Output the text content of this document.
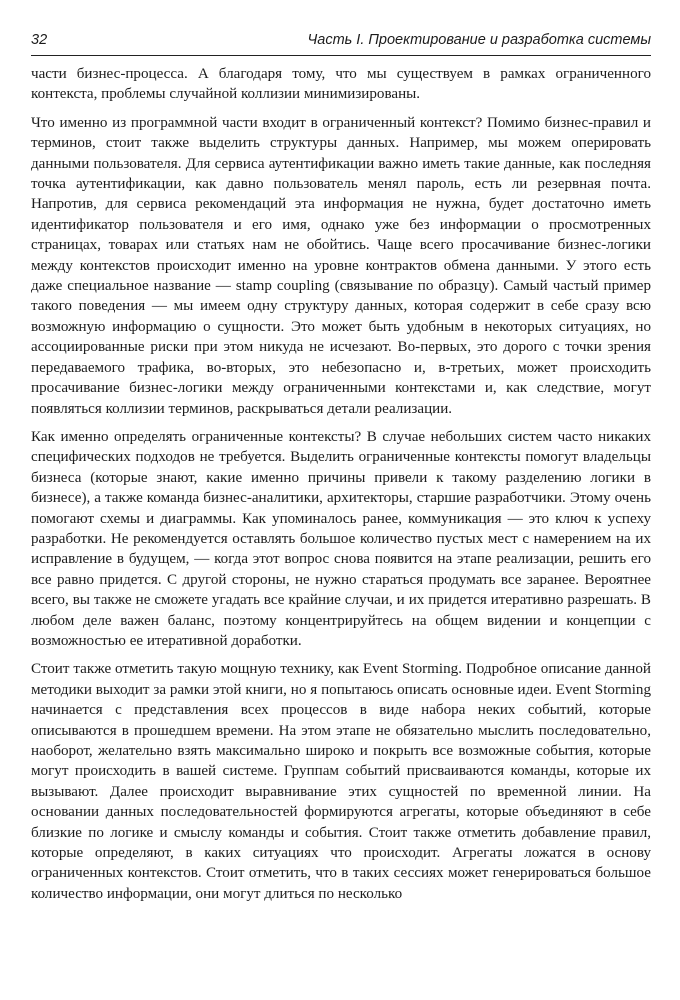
32	Часть I. Проектирование и разработка системы

части бизнес-процесса. А благодаря тому, что мы существуем в рамках ограниченного контекста, проблемы случайной коллизии минимизированы.

Что именно из программной части входит в ограниченный контекст? Помимо бизнес-правил и терминов, стоит также выделить структуры данных. Например, мы можем оперировать данными пользователя. Для сервиса аутентификации важно иметь такие данные, как последняя точка аутентификации, как давно пользователь менял пароль, есть ли резервная почта. Напротив, для сервиса рекомендаций эта информация не нужна, будет достаточно иметь идентификатор пользователя и его имя, однако уже без информации о просмотренных страницах, товарах или статьях нам не обойтись. Чаще всего просачивание бизнес-логики между контекстов происходит именно на уровне контрактов обмена данными. У этого есть даже специальное название — stamp coupling (связывание по образцу). Самый частый пример такого поведения — мы имеем одну структуру данных, которая содержит в себе сразу всю возможную информацию о сущности. Это может быть удобным в некоторых ситуациях, но ассоциированные риски при этом никуда не исчезают. Во-первых, это дорого с точки зрения передаваемого трафика, во-вторых, это небезопасно и, в-третьих, может происходить просачивание бизнес-логики между ограниченными контекстами и, как следствие, могут появляться коллизии терминов, раскрываться детали реализации.

Как именно определять ограниченные контексты? В случае небольших систем часто никаких специфических подходов не требуется. Выделить ограниченные контексты помогут владельцы бизнеса (которые знают, какие именно причины привели к такому разделению логики в бизнесе), а также команда бизнес-аналитики, архитекторы, старшие разработчики. Этому очень помогают схемы и диаграммы. Как упоминалось ранее, коммуникация — это ключ к успеху разработки. Не рекомендуется оставлять большое количество пустых мест с намерением на их исправление в будущем, — когда этот вопрос снова появится на этапе реализации, решить его все равно придется. С другой стороны, не нужно стараться продумать все заранее. Вероятнее всего, вы также не сможете угадать все крайние случаи, и их придется итеративно разрешать. В любом деле важен баланс, поэтому концентрируйтесь на общем видении и концепции с возможностью ее итеративной доработки.

Стоит также отметить такую мощную технику, как Event Storming. Подробное описание данной методики выходит за рамки этой книги, но я попытаюсь описать основные идеи. Event Storming начинается с представления всех процессов в виде набора неких событий, которые описываются в прошедшем времени. На этом этапе не обязательно мыслить последовательно, наоборот, желательно взять максимально широко и покрыть все возможные события, которые могут происходить в вашей системе. Группам событий присваиваются команды, которые их вызывают. Далее происходит выравнивание этих сущностей по временной линии. На основании данных последовательностей формируются агрегаты, которые объединяют в себе близкие по логике и смыслу команды и события. Стоит также отметить добавление правил, которые определяют, в каких ситуациях что происходит. Агрегаты ложатся в основу ограниченных контекстов. Стоит отметить, что в таких сессиях может генерироваться большое количество информации, они могут длиться по несколько
